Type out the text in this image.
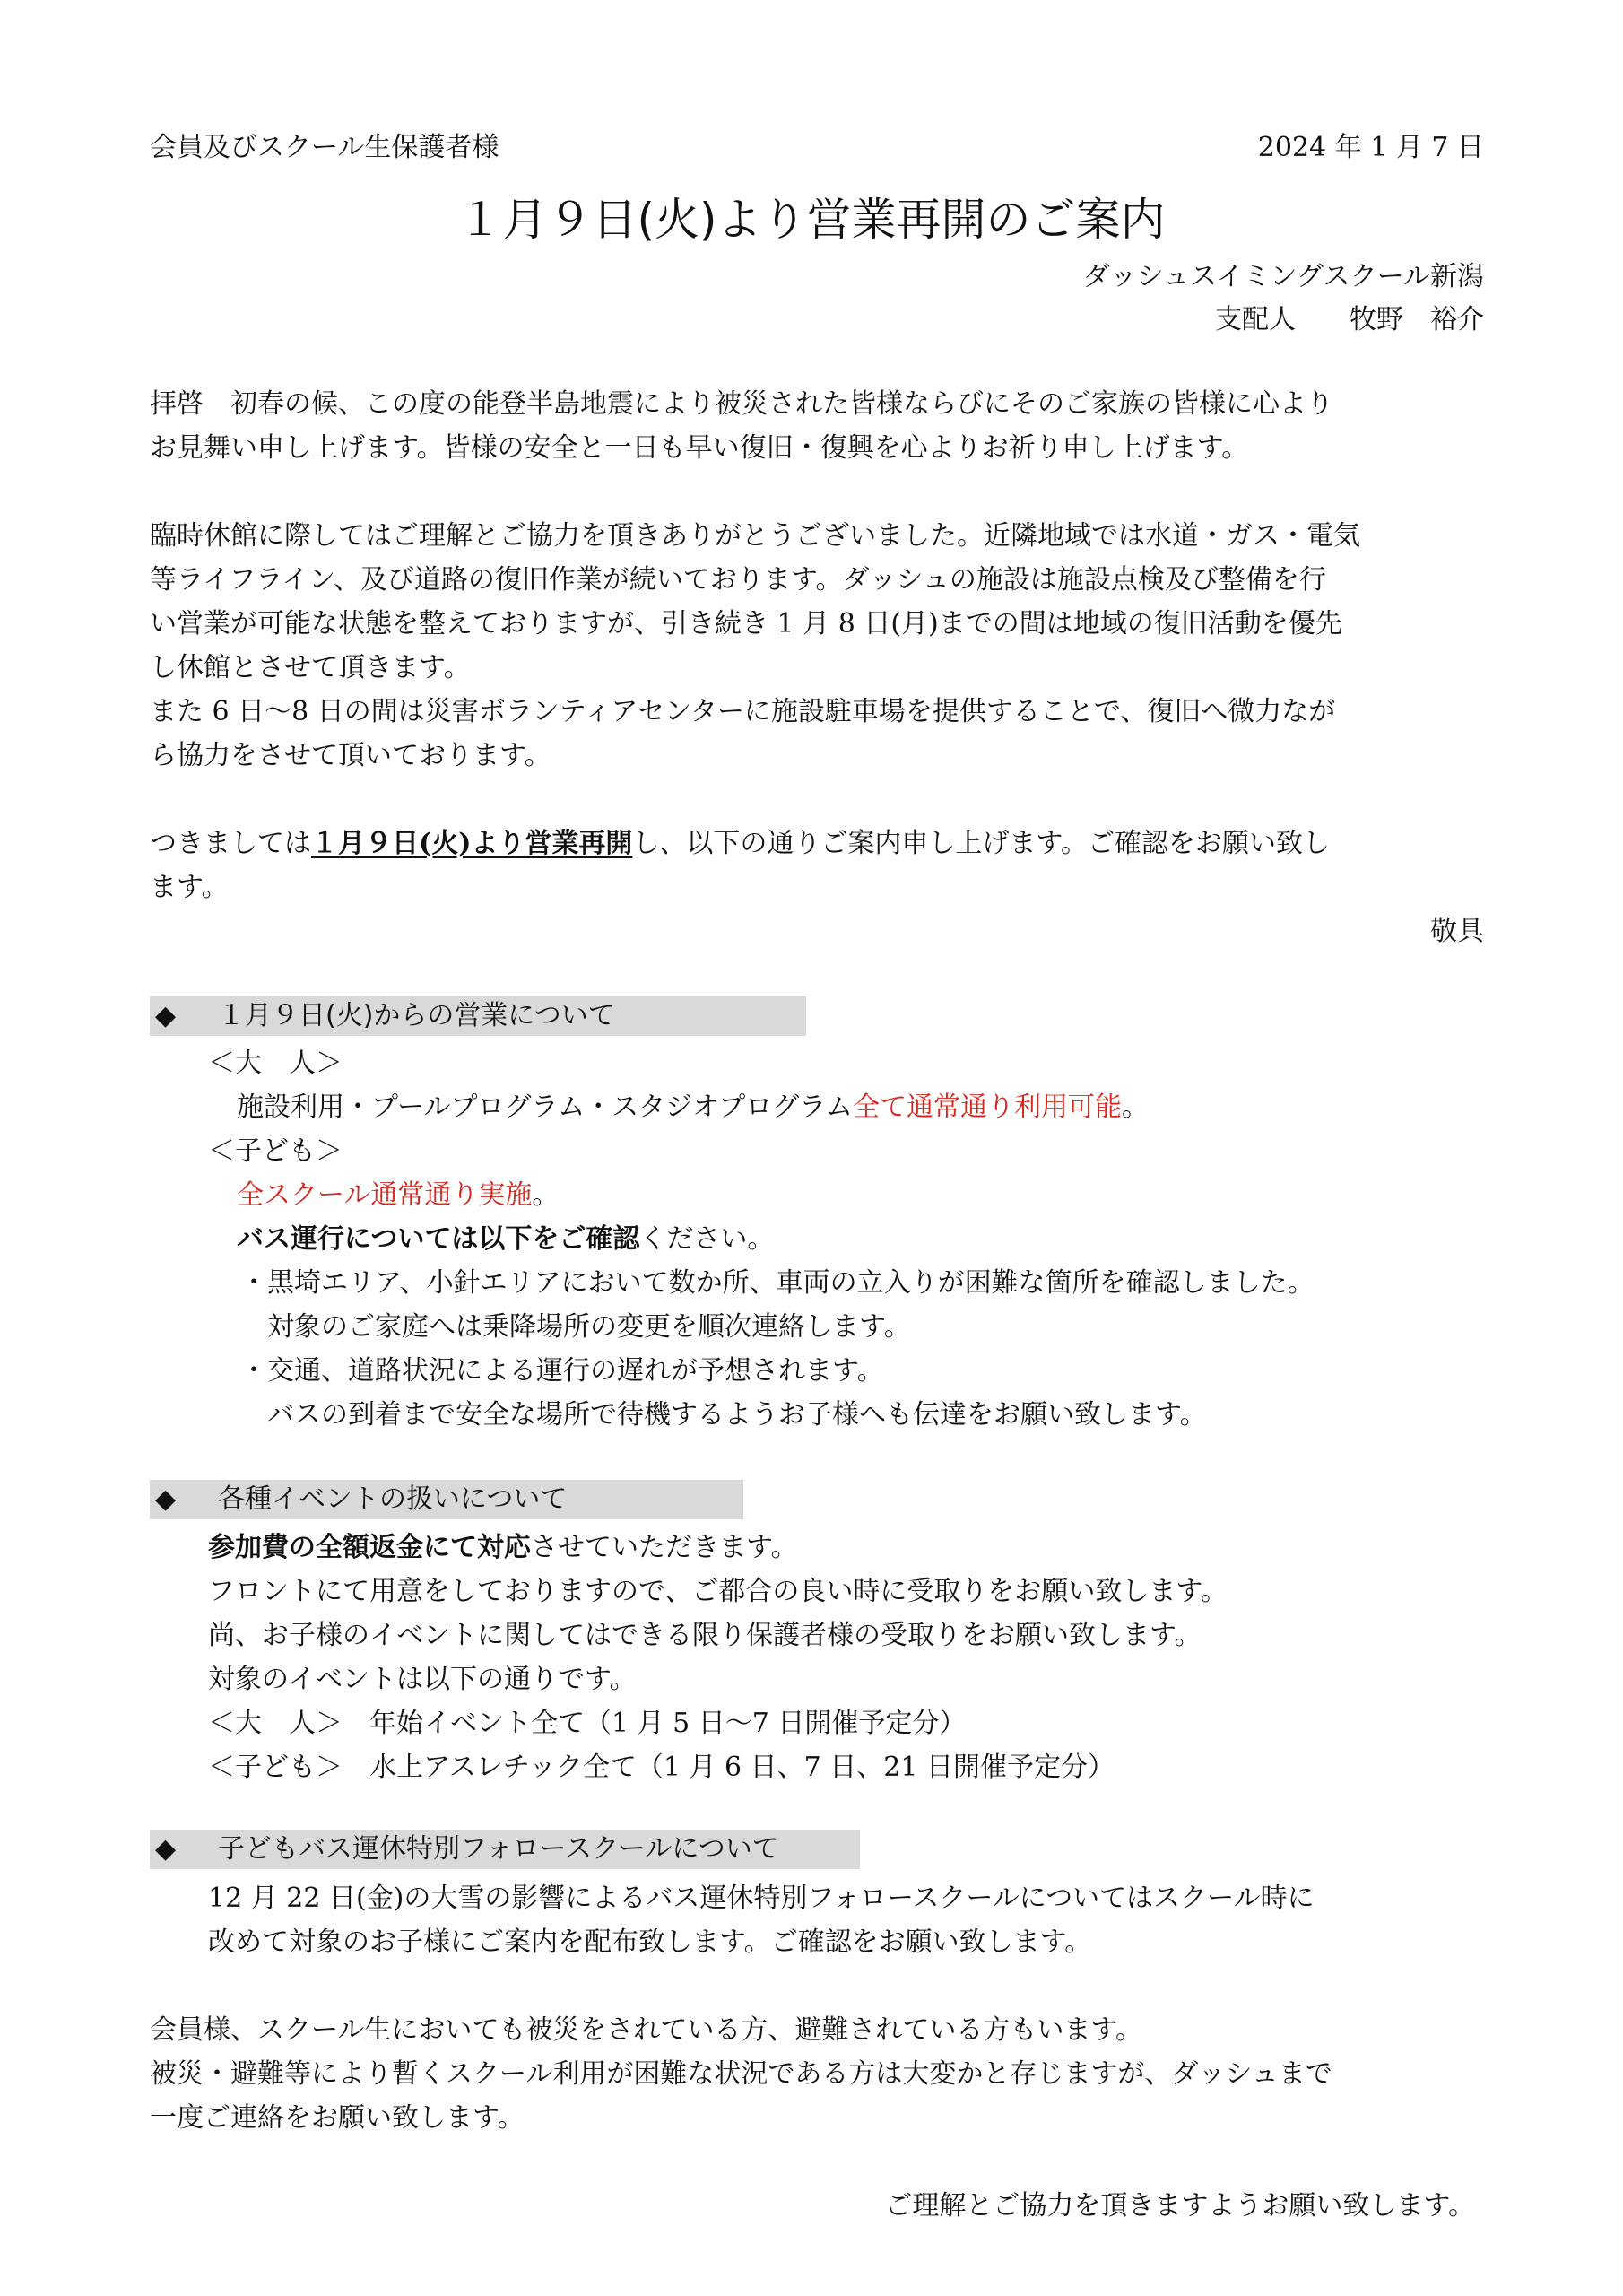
会員及びスクール生保護者様	2024 年 1 月 7 日
１月９日(火)より営業再開のご案内
ダッシュスイミングスクール新潟
支配人　　牧野　裕介
拝啓　初春の候、この度の能登半島地震により被災された皆様ならびにそのご家族の皆様に心より
お見舞い申し上げます。皆様の安全と一日も早い復旧・復興を心よりお祈り申し上げます。
臨時休館に際してはご理解とご協力を頂きありがとうございました。近隣地域では水道・ガス・電気
等ライフライン、及び道路の復旧作業が続いております。ダッシュの施設は施設点検及び整備を行
い営業が可能な状態を整えておりますが、引き続き 1 月 8 日(月)までの間は地域の復旧活動を優先
し休館とさせて頂きます。
また 6 日〜8 日の間は災害ボランティアセンターに施設駐車場を提供することで、復旧へ微力なが
ら協力をさせて頂いております。
つきましては１月９日(火)より営業再開し、以下の通りご案内申し上げます。ご確認をお願い致し
ます。
敬具
◆ １月９日(火)からの営業について
＜大　人＞
施設利用・プールプログラム・スタジオプログラム全て通常通り利用可能。
＜子ども＞
全スクール通常通り実施。
バス運行については以下をご確認ください。
・黒埼エリア、小針エリアにおいて数か所、車両の立入りが困難な箇所を確認しました。
　対象のご家庭へは乗降場所の変更を順次連絡します。
・交通、道路状況による運行の遅れが予想されます。
　バスの到着まで安全な場所で待機するようお子様へも伝達をお願い致します。
◆ 各種イベントの扱いについて
参加費の全額返金にて対応させていただきます。
フロントにて用意をしておりますので、ご都合の良い時に受取りをお願い致します。
尚、お子様のイベントに関してはできる限り保護者様の受取りをお願い致します。
対象のイベントは以下の通りです。
＜大　人＞　年始イベント全て（1 月 5 日〜7 日開催予定分）
＜子ども＞　水上アスレチック全て（1 月 6 日、7 日、21 日開催予定分）
◆ 子どもバス運休特別フォロースクールについて
12 月 22 日(金)の大雪の影響によるバス運休特別フォロースクールについてはスクール時に
改めて対象のお子様にご案内を配布致します。ご確認をお願い致します。
会員様、スクール生においても被災をされている方、避難されている方もいます。
被災・避難等により暫くスクール利用が困難な状況である方は大変かと存じますが、ダッシュまで
一度ご連絡をお願い致します。
ご理解とご協力を頂きますようお願い致します。
